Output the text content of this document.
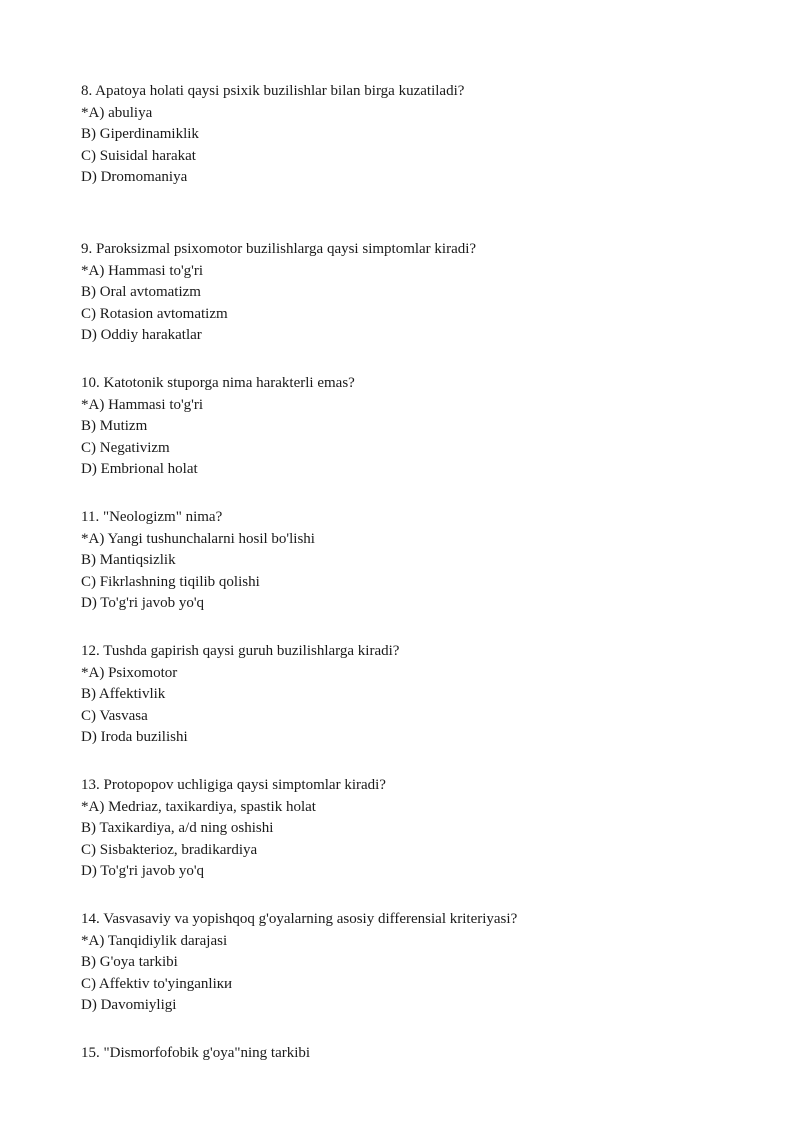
8. Apatoya holati qaysi psixik buzilishlar bilan birga kuzatiladi?
*A) abuliya
B) Giperdinamiklik
C) Suisidal harakat
D) Dromomaniya
9. Paroksizmal psixomotor buzilishlarga qaysi simptomlar kiradi?
*A) Hammasi to'g'ri
B) Oral avtomatizm
C) Rotasion avtomatizm
D) Oddiy harakatlar
10. Katotonik stuporga nima harakterli emas?
*A) Hammasi to'g'ri
B) Mutizm
C) Negativizm
D) Embrional holat
11. "Neologizm" nima?
*A) Yangi tushunchalarni hosil bo'lishi
B) Mantiqsizlik
C) Fikrlashning tiqilib qolishi
D) To'g'ri javob yo'q
12. Tushda gapirish qaysi guruh buzilishlarga kiradi?
*A) Psixomotor
B) Affektivlik
C) Vasvasa
D) Iroda buzilishi
13. Protopopov uchligiga qaysi simptomlar kiradi?
*A) Medriaz, taxikardiya, spastik holat
B) Taxikardiya, a/d ning oshishi
C) Sisbakterioz, bradikardiya
D) To'g'ri javob yo'q
14. Vasvasaviy va yopishqoq g'oyalarning asosiy differensial kriteriyasi?
*A) Tanqidiylik darajasi
B) G'oya tarkibi
C) Affektiv to'yinganliки
D) Davomiyligi
15. "Dismorfofobik g'oya"ning tarkibi
